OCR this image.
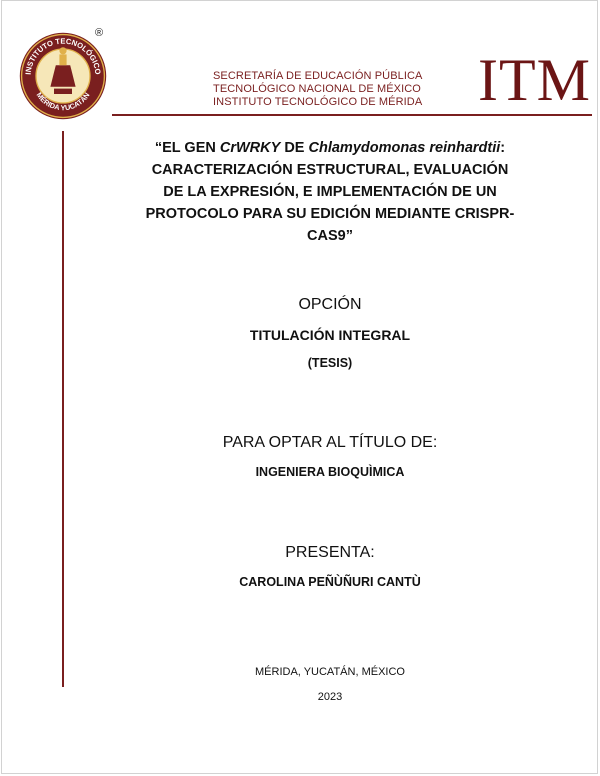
INSTITUTO TECNOLÓGICO
MÉRIDA YUCATÁN
®
SECRETARÍA DE EDUCACIÓN PÚBLICA
TECNOLÓGICO NACIONAL DE MÉXICO
INSTITUTO TECNOLÓGICO DE MÉRIDA ITM
“EL GEN CrWRKY DE Chlamydomonas reinhardtii: CARACTERIZACIÓN ESTRUCTURAL, EVALUACIÓN DE LA EXPRESIÓN, E IMPLEMENTACIÓN DE UN PROTOCOLO PARA SU EDICIÓN MEDIANTE CRISPR-CAS9”
OPCIÓN
TITULACIÓN INTEGRAL
(TESIS)
PARA OPTAR AL TÍTULO DE:
INGENIERA BIOQUÌMICA
PRESENTA:
CAROLINA PEÑÙÑURI CANTÙ
MÉRIDA, YUCATÁN, MÉXICO
2023
